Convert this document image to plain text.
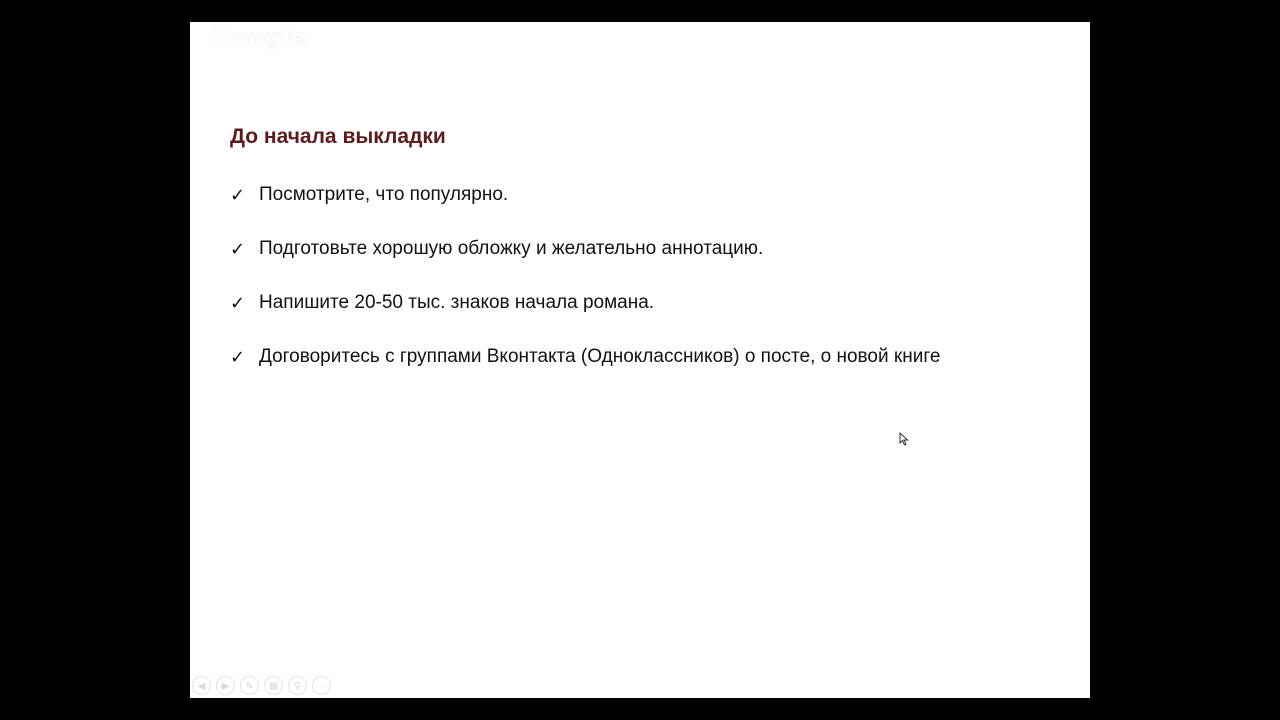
Google
До начала выкладки
✓ Посмотрите, что популярно.
✓ Подготовьте хорошую обложку и желательно аннотацию.
✓ Напишите 20-50 тыс. знаков начала романа.
✓ Договоритесь с группами Вконтакта (Одноклассников) о посте, о новой книге
◀	▶	✎	▦	⚲	⋯
